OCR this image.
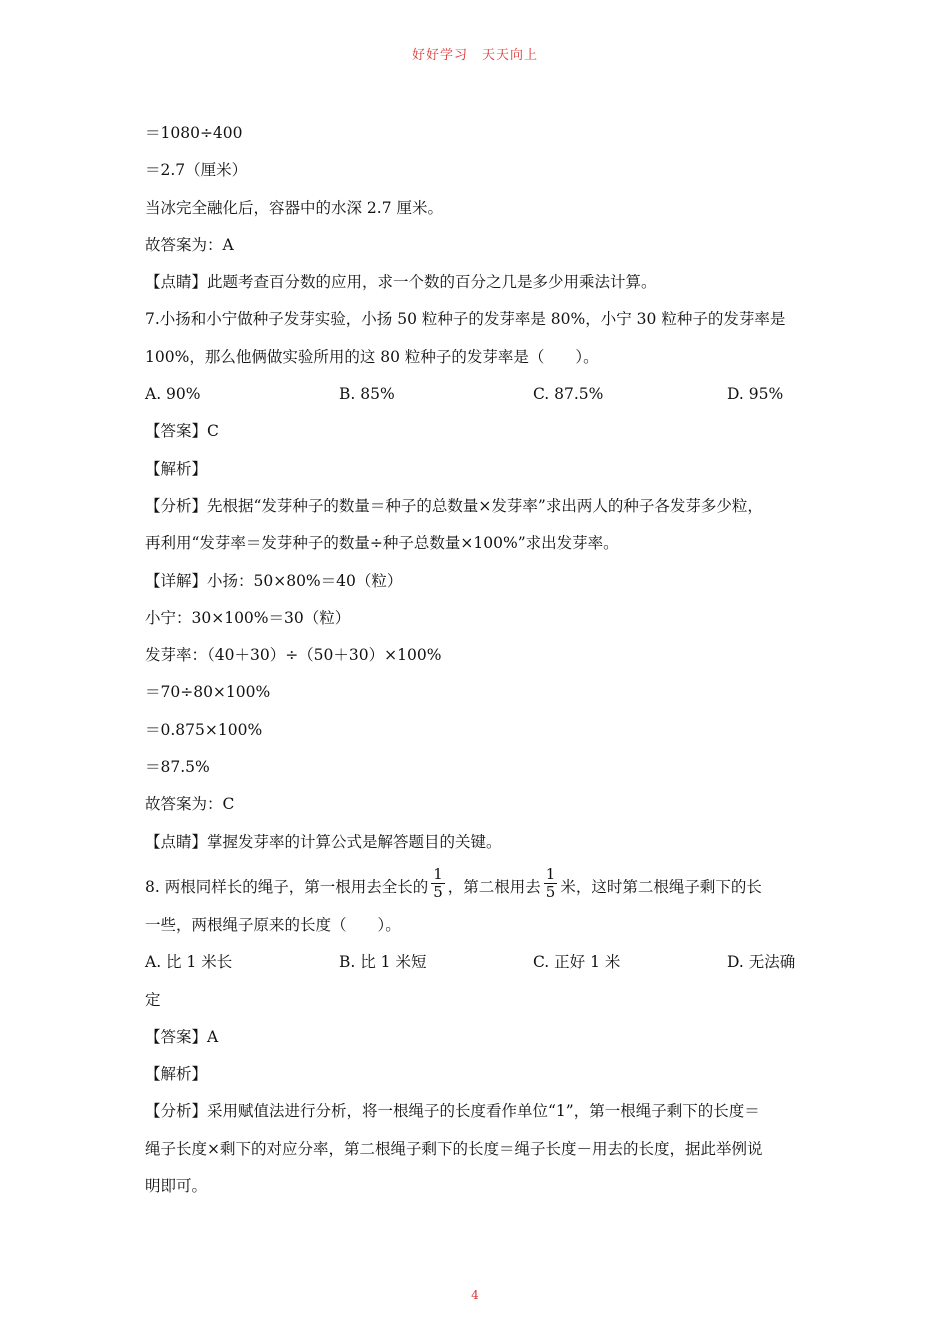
好好学习　天天向上
＝1080÷400
＝2.7（厘米）
当冰完全融化后，容器中的水深 2.7 厘米。
故答案为：A
【点睛】此题考查百分数的应用，求一个数的百分之几是多少用乘法计算。
7.小扬和小宁做种子发芽实验，小扬 50 粒种子的发芽率是 80%，小宁 30 粒种子的发芽率是
100%，那么他俩做实验所用的这 80 粒种子的发芽率是（　　）。
A. 90%	B. 85%	C. 87.5%	D. 95%
【答案】C
【解析】
【分析】先根据“发芽种子的数量＝种子的总数量×发芽率”求出两人的种子各发芽多少粒，
再利用“发芽率＝发芽种子的数量÷种子总数量×100%”求出发芽率。
【详解】小扬：50×80%＝40（粒）
小宁：30×100%＝30（粒）
发芽率：（40＋30）÷（50＋30）×100%
＝70÷80×100%
＝0.875×100%
＝87.5%
故答案为：C
【点睛】掌握发芽率的计算公式是解答题目的关键。
8. 两根同样长的绳子，第一根用去全长的 $\frac{1}{5}$ ，第二根用去 $\frac{1}{5}$ 米，这时第二根绳子剩下的长
一些，两根绳子原来的长度（　　）。
A. 比 1 米长	B. 比 1 米短	C. 正好 1 米	D. 无法确
定
【答案】A
【解析】
【分析】采用赋值法进行分析，将一根绳子的长度看作单位“1”，第一根绳子剩下的长度＝
绳子长度×剩下的对应分率，第二根绳子剩下的长度＝绳子长度－用去的长度，据此举例说
明即可。
4
